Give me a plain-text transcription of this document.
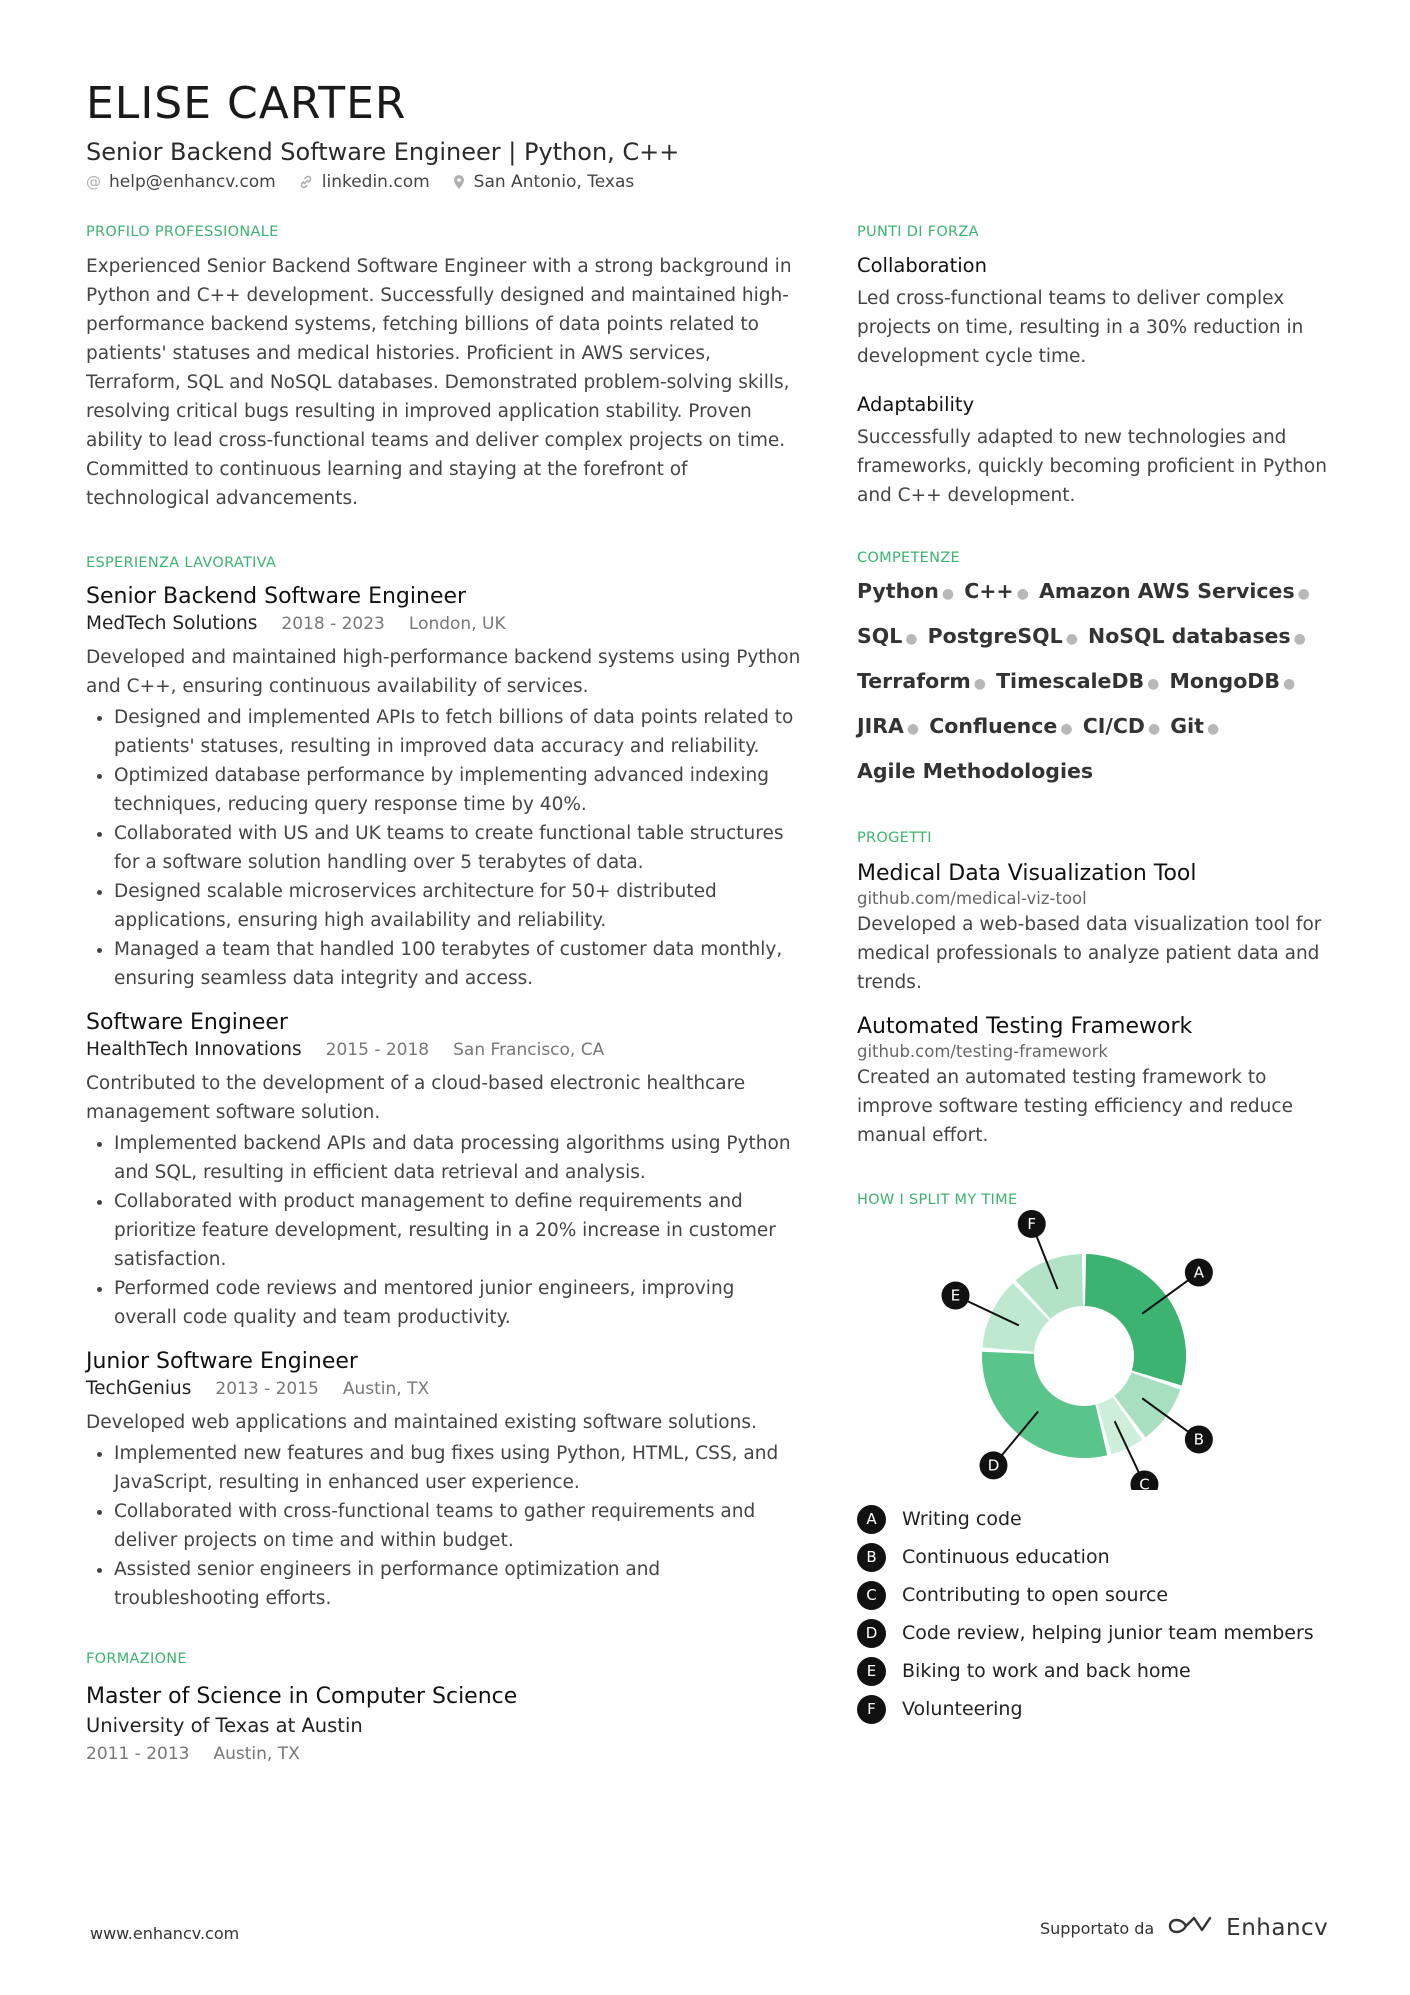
ELISE CARTER
Senior Backend Software Engineer | Python, C++
@ help@enhancv.com	linkedin.com	San Antonio, Texas
PROFILO PROFESSIONALE

Experienced Senior Backend Software Engineer with a strong background in Python and C++ development. Successfully designed and maintained high-performance backend systems, fetching billions of data points related to patients' statuses and medical histories. Proficient in AWS services, Terraform, SQL and NoSQL databases. Demonstrated problem-solving skills, resolving critical bugs resulting in improved application stability. Proven ability to lead cross-functional teams and deliver complex projects on time. Committed to continuous learning and staying at the forefront of technological advancements.

ESPERIENZA LAVORATIVA
Senior Backend Software Engineer
MedTech Solutions 2018 - 2023 London, UK
Developed and maintained high-performance backend systems using Python and C++, ensuring continuous availability of services.
• Designed and implemented APIs to fetch billions of data points related to patients' statuses, resulting in improved data accuracy and reliability.
• Optimized database performance by implementing advanced indexing techniques, reducing query response time by 40%.
• Collaborated with US and UK teams to create functional table structures for a software solution handling over 5 terabytes of data.
• Designed scalable microservices architecture for 50+ distributed applications, ensuring high availability and reliability.
• Managed a team that handled 100 terabytes of customer data monthly, ensuring seamless data integrity and access.
Software Engineer
HealthTech Innovations 2015 - 2018 San Francisco, CA
Contributed to the development of a cloud-based electronic healthcare management software solution.
• Implemented backend APIs and data processing algorithms using Python and SQL, resulting in efficient data retrieval and analysis.
• Collaborated with product management to define requirements and prioritize feature development, resulting in a 20% increase in customer satisfaction.
• Performed code reviews and mentored junior engineers, improving overall code quality and team productivity.
Junior Software Engineer
TechGenius 2013 - 2015 Austin, TX
Developed web applications and maintained existing software solutions.
• Implemented new features and bug fixes using Python, HTML, CSS, and JavaScript, resulting in enhanced user experience.
• Collaborated with cross-functional teams to gather requirements and deliver projects on time and within budget.
• Assisted senior engineers in performance optimization and troubleshooting efforts.
FORMAZIONE
Master of Science in Computer Science
University of Texas at Austin
2011 - 2013 Austin, TX
PUNTI DI FORZA
Collaboration
Led cross-functional teams to deliver complex projects on time, resulting in a 30% reduction in development cycle time.
Adaptability
Successfully adapted to new technologies and frameworks, quickly becoming proficient in Python and C++ development.
COMPETENZE
Python ● C++ ● Amazon AWS Services ● SQL ● PostgreSQL ● NoSQL databases ● Terraform ● TimescaleDB ● MongoDB ● JIRA ● Confluence ● CI/CD ● Git ● Agile Methodologies
PROGETTI
Medical Data Visualization Tool
github.com/medical-viz-tool
Developed a web-based data visualization tool for medical professionals to analyze patient data and trends.
Automated Testing Framework
github.com/testing-framework
Created an automated testing framework to improve software testing efficiency and reduce manual effort.
HOW I SPLIT MY TIME
A
B
C
D
E
F
A	Writing code
B	Continuous education
C	Contributing to open source
D	Code review, helping junior team members
E	Biking to work and back home
F	Volunteering
www.enhancv.com	Supportato da	Enhancv
